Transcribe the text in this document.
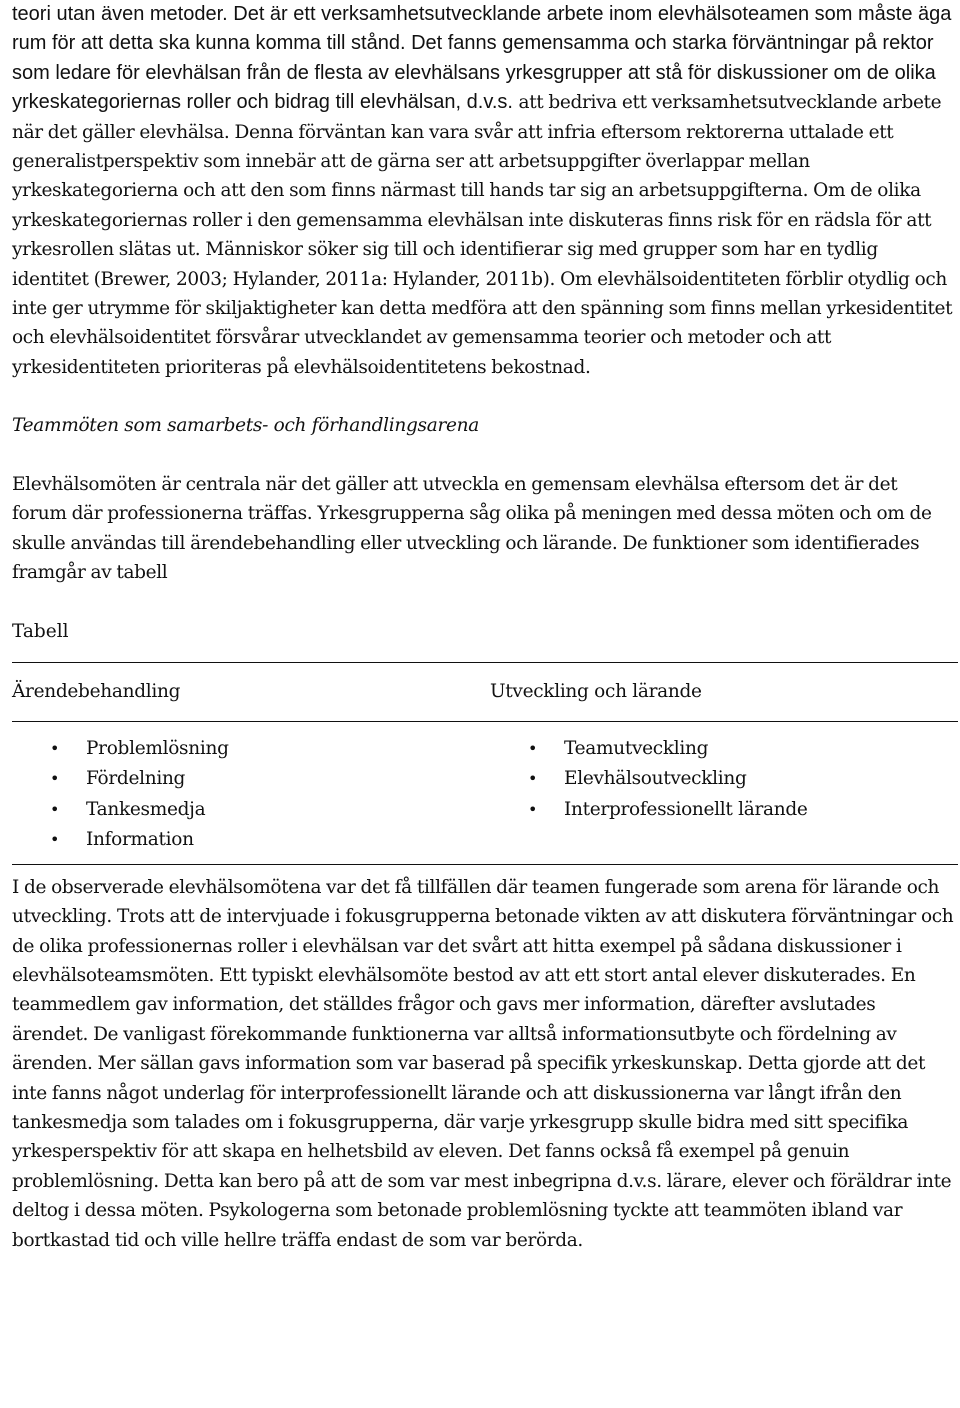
teori utan även metoder. Det är ett verksamhetsutvecklande arbete inom elevhälsoteamen som måste äga rum för att detta ska kunna komma till stånd. Det fanns gemensamma och starka förväntningar på rektor som ledare för elevhälsan från de flesta av elevhälsans yrkesgrupper att stå för diskussioner om de olika yrkeskategoriernas roller och bidrag till elevhälsan, d.v.s. att bedriva ett verksamhetsutvecklande arbete när det gäller elevhälsa. Denna förväntan kan vara svår att infria eftersom rektorerna uttalade ett generalistperspektiv som innebär att de gärna ser att arbetsuppgifter överlappar mellan yrkeskategorierna och att den som finns närmast till hands tar sig an arbetsuppgifterna. Om de olika yrkeskategoriernas roller i den gemensamma elevhälsan inte diskuteras finns risk för en rädsla för att yrkesrollen slätas ut. Människor söker sig till och identifierar sig med grupper som har en tydlig identitet (Brewer, 2003; Hylander, 2011a: Hylander, 2011b). Om elevhälsoidentiteten förblir otydlig och inte ger utrymme för skiljaktigheter kan detta medföra att den spänning som finns mellan yrkesidentitet och elevhälsoidentitet försvårar utvecklandet av gemensamma teorier och metoder och att yrkesidentiteten prioriteras på elevhälsoidentitetens bekostnad.

Teammöten som samarbets- och förhandlingsarena

Elevhälsomöten är centrala när det gäller att utveckla en gemensam elevhälsa eftersom det är det forum där professionerna träffas. Yrkesgrupperna såg olika på meningen med dessa möten och om de skulle användas till ärendebehandling eller utveckling och lärande. De funktioner som identifierades framgår av tabell

Tabell

Ärendebehandling	Utveckling och lärande
• Problemlösning
• Fördelning
• Tankesmedja
• Information
• Teamutveckling
• Elevhälsoutveckling
• Interprofessionellt lärande

I de observerade elevhälsomötena var det få tillfällen där teamen fungerade som arena för lärande och utveckling. Trots att de intervjuade i fokusgrupperna betonade vikten av att diskutera förväntningar och de olika professionernas roller i elevhälsan var det svårt att hitta exempel på sådana diskussioner i elevhälsoteamsmöten. Ett typiskt elevhälsomöte bestod av att ett stort antal elever diskuterades. En teammedlem gav information, det ställdes frågor och gavs mer information, därefter avslutades ärendet. De vanligast förekommande funktionerna var alltså informationsutbyte och fördelning av ärenden. Mer sällan gavs information som var baserad på specifik yrkeskunskap. Detta gjorde att det inte fanns något underlag för interprofessionellt lärande och att diskussionerna var långt ifrån den tankesmedja som talades om i fokusgrupperna, där varje yrkesgrupp skulle bidra med sitt specifika yrkesperspektiv för att skapa en helhetsbild av eleven. Det fanns också få exempel på genuin problemlösning. Detta kan bero på att de som var mest inbegripna d.v.s. lärare, elever och föräldrar inte deltog i dessa möten. Psykologerna som betonade problemlösning tyckte att teammöten ibland var bortkastad tid och ville hellre träffa endast de som var berörda.
